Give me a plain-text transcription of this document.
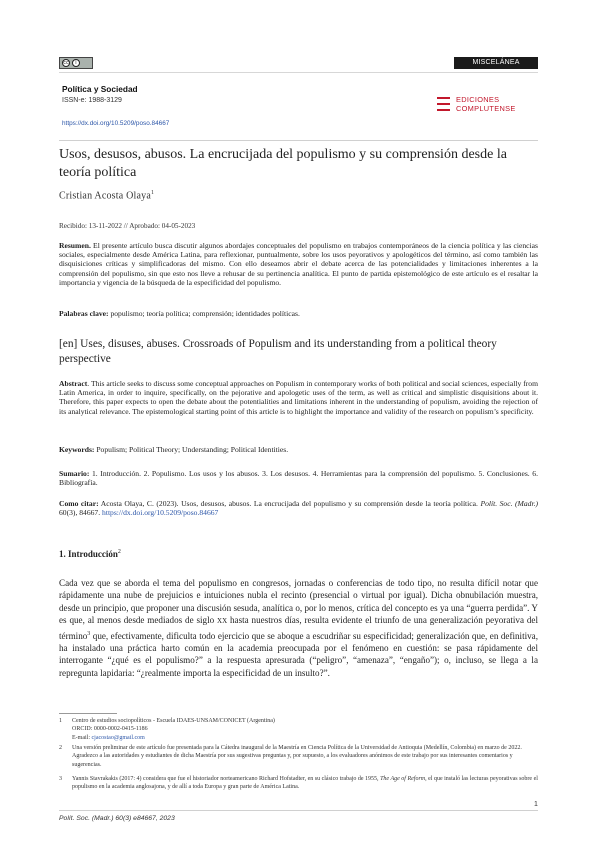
cc	i	MISCELÁNEA
Política y Sociedad
ISSN-e: 1988-3129
https://dx.doi.org/10.5209/poso.84667
EDICIONES
COMPLUTENSE
Usos, desusos, abusos. La encrucijada del populismo y su comprensión desde la teoría política
Cristian Acosta Olaya$^1$
Recibido: 13-11-2022 // Aprobado: 04-05-2023

Resumen. El presente artículo busca discutir algunos abordajes conceptuales del populismo en trabajos contemporáneos de la ciencia política y las ciencias sociales, especialmente desde América Latina, para reflexionar, puntualmente, sobre los usos peyorativos y apologéticos del término, así como también las disquisiciones críticas y simplificadoras del mismo. Con ello deseamos abrir el debate acerca de las potencialidades y limitaciones inherentes a la comprensión del populismo, sin que esto nos lleve a rehusar de su pertinencia analítica. El punto de partida epistemológico de este artículo es el resaltar la importancia y vigencia de la búsqueda de la especificidad del populismo.

Palabras clave: populismo; teoría política; comprensión; identidades políticas.

[en] Uses, disuses, abuses. Crossroads of Populism and its understanding from a political theory perspective

Abstract. This article seeks to discuss some conceptual approaches on Populism in contemporary works of both political and social sciences, especially from Latin America, in order to inquire, specifically, on the pejorative and apologetic uses of the term, as well as critical and simplistic disquisitions about it. Therefore, this paper expects to open the debate about the potentialities and limitations inherent in the understanding of populism, avoiding the rejection of its analytical relevance. The epistemological starting point of this article is to highlight the importance and validity of the research on populism’s specificity.

Keywords: Populism; Political Theory; Understanding; Political Identities.

Sumario: 1. Introducción. 2. Populismo. Los usos y los abusos. 3. Los desusos. 4. Herramientas para la comprensión del populismo. 5. Conclusiones. 6. Bibliografía.

Como citar: Acosta Olaya, C. (2023). Usos, desusos, abusos. La encrucijada del populismo y su comprensión desde la teoría política. Polít. Soc. (Madr.) 60(3), 84667. https://dx.doi.org/10.5209/poso.84667

1. Introducción$^2$

Cada vez que se aborda el tema del populismo en congresos, jornadas o conferencias de todo tipo, no resulta difícil notar que rápidamente una nube de prejuicios e intuiciones nubla el recinto (presencial o virtual por igual). Dicha obnubilación muestra, desde un principio, que proponer una discusión sesuda, analítica o, por lo menos, crítica del concepto es ya una “guerra perdida”. Y es que, al menos desde mediados de siglo XX hasta nuestros días, resulta evidente el triunfo de una generalización peyorativa del término$^3$ que, efectivamente, dificulta todo ejercicio que se aboque a escudriñar su especificidad; generalización que, en definitiva, ha instalado una práctica harto común en la academia preocupada por el fenómeno en cuestión: se pasa rápidamente del interrogante “¿qué es el populismo?” a la respuesta apresurada (“peligro”, “amenaza”, “engaño”); o, incluso, se llega a la repregunta lapidaria: “¿realmente importa la especificidad de un insulto?”.

1	Centro de estudios sociopolíticos - Escuela IDAES-UNSAM/CONICET (Argentina)
ORCID: 0000-0002-0415-1186
E-mail: cjacostao@gmail.com
2	Una versión preliminar de este artículo fue presentada para la Cátedra inaugural de la Maestría en Ciencia Política de la Universidad de Antioquia (Medellín, Colombia) en marzo de 2022. Agradezco a las autoridades y estudiantes de dicha Maestría por sus sugestivas preguntas y, por supuesto, a los evaluadores anónimos de este trabajo por sus interesantes comentarios y sugerencias.
3	Yannis Stavrakakis (2017: 4) considera que fue el historiador norteamericano Richard Hofstadter, en su clásico trabajo de 1955, The Age of Reform, el que instaló las lecturas peyorativas sobre el populismo en la academia anglosajona, y de allí a toda Europa y gran parte de América Latina.
1
Polít. Soc. (Madr.) 60(3) e84667, 2023
